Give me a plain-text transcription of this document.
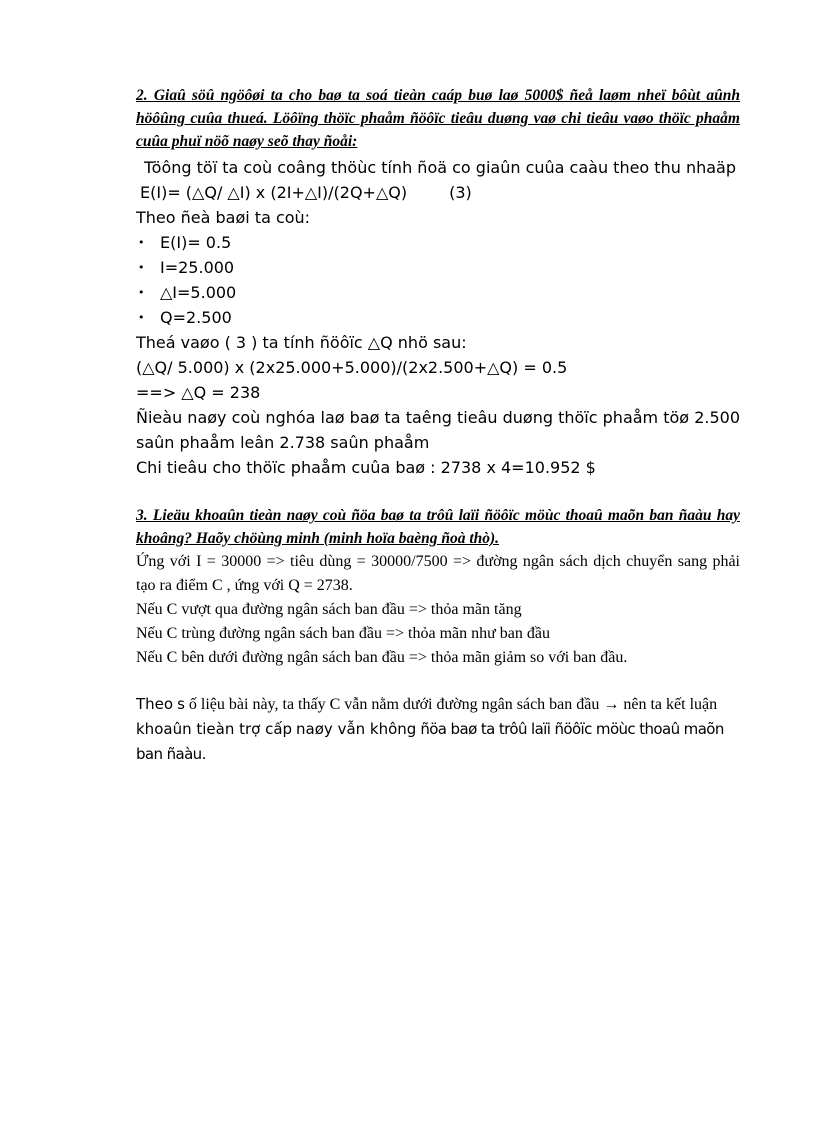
2. Giaû söû ngöôøi ta cho baø ta soá tieàn caáp buø laø 5000$ ñeå laøm nheï bôùt aûnh höôûng cuûa thueá. Löôïng thöïc phaåm ñöôïc tieâu duøng vaø chi tieâu vaøo thöïc phaåm cuûa phuï nöõ naøy seõ thay ñoåi:

Töông töï ta coù coâng thöùc tính ñoä co giaûn cuûa caàu theo thu nhaäp

E(I)= (△Q/ △I) x (2I+△I)/(2Q+△Q)	(3)

Theo ñeà baøi ta coù:

• E(I)= 0.5
• I=25.000
• △I=5.000
• Q=2.500

Theá vaøo ( 3 ) ta tính ñöôïc △Q nhö sau:

(△Q/ 5.000) x (2x25.000+5.000)/(2x2.500+△Q) = 0.5

==> △Q = 238

Ñieàu naøy coù nghóa laø baø ta taêng tieâu duøng thöïc phaåm töø 2.500 saûn phaåm leân 2.738 saûn phaåm

Chi tieâu cho thöïc phaåm cuûa baø : 2738 x 4=10.952 $

3. Lieäu khoaûn tieàn naøy coù ñöa baø ta trôû laïi ñöôïc möùc thoaû maõn ban ñaàu hay khoâng? Haõy chöùng minh (minh hoïa baèng ñoà thò).

Ứng với I = 30000 => tiêu dùng = 30000/7500 => đường ngân sách dịch chuyển sang phải tạo ra điểm C , ứng với Q = 2738.

Nếu C vượt qua đường ngân sách ban đầu => thỏa mãn tăng

Nếu C trùng đường ngân sách ban đầu => thỏa mãn như ban đầu

Nếu C bên dưới đường ngân sách ban đầu => thỏa mãn giảm so với ban đầu.

Theo s ố liệu bài này, ta thấy C vẫn nằm dưới đường ngân sách ban đầu → nên ta kết luận khoaûn tieàn trợ cấp naøy vẫn không ñöa baø ta trôû laïi ñöôïc möùc thoaû maõn ban ñaàu.
